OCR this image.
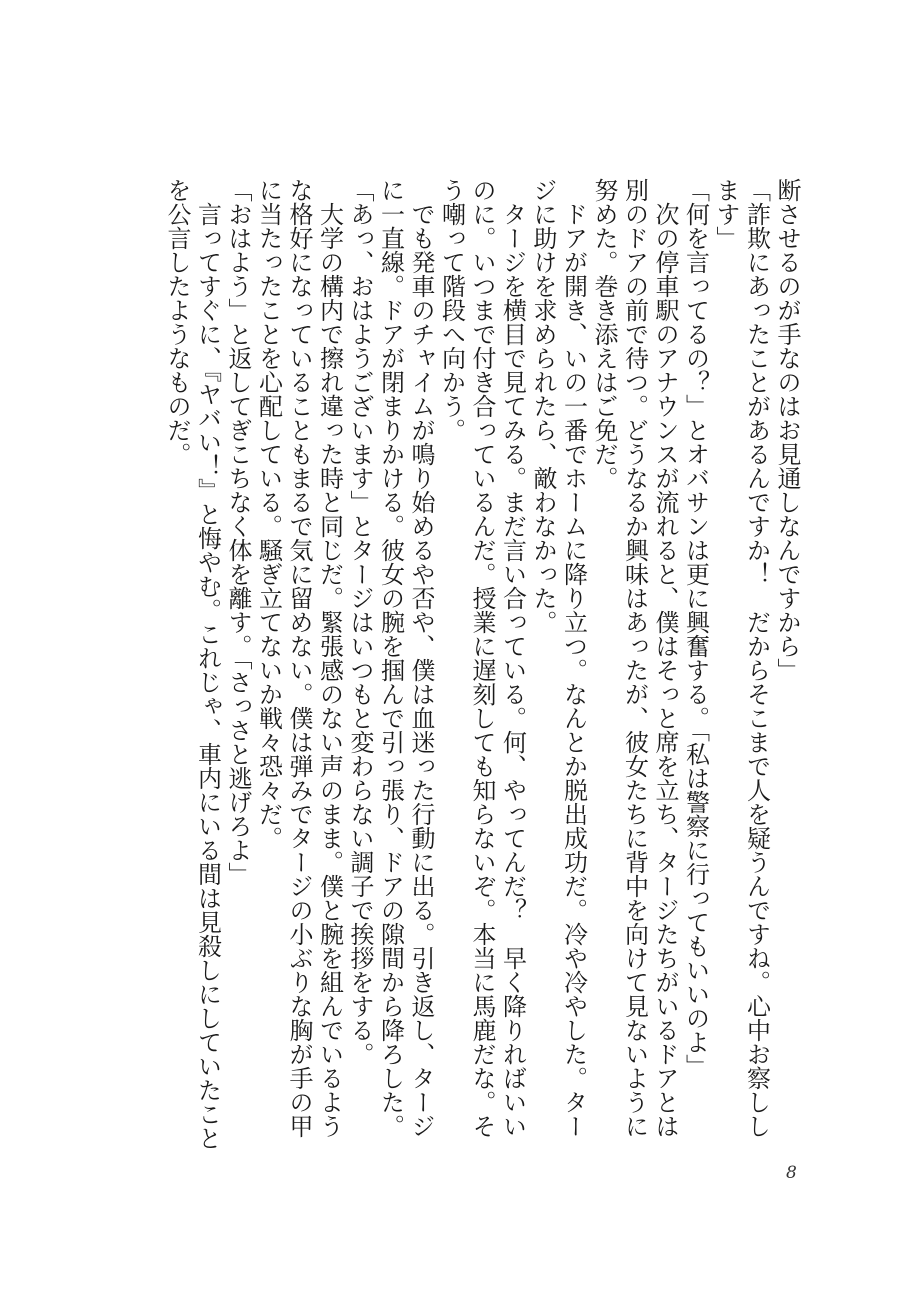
断させるのが手なのはお見通しなんですから」

「詐欺にあったことがあるんですか！　だからそこまで人を疑うんですね。心中お察しします」

「何を言ってるの？」とオバサンは更に興奮する。「私は警察に行ってもいいのよ」

次の停車駅のアナウンスが流れると、僕はそっと席を立ち、タージたちがいるドアとは別のドアの前で待つ。どうなるか興味はあったが、彼女たちに背中を向けて見ないように努めた。巻き添えはご免だ。

ドアが開き、いの一番でホームに降り立つ。なんとか脱出成功だ。冷や冷やした。タージに助けを求められたら、敵わなかった。

タージを横目で見てみる。まだ言い合っている。何、やってんだ？　早く降りればいいのに。いつまで付き合っているんだ。授業に遅刻しても知らないぞ。本当に馬鹿だな。そう嘲って階段へ向かう。

でも発車のチャイムが鳴り始めるや否や、僕は血迷った行動に出る。引き返し、タージに一直線。ドアが閉まりかける。彼女の腕を掴んで引っ張り、ドアの隙間から降ろした。

「あっ、おはようございます」とタージはいつもと変わらない調子で挨拶をする。

大学の構内で擦れ違った時と同じだ。緊張感のない声のまま。僕と腕を組んでいるような格好になっていることもまるで気に留めない。僕は弾みでタージの小ぶりな胸が手の甲に当たったことを心配している。騒ぎ立てないか戦々恐々だ。

「おはよう」と返してぎこちなく体を離す。「さっさと逃げろよ」

言ってすぐに、『ヤバい！』と悔やむ。これじゃ、車内にいる間は見殺しにしていたことを公言したようなものだ。

8
